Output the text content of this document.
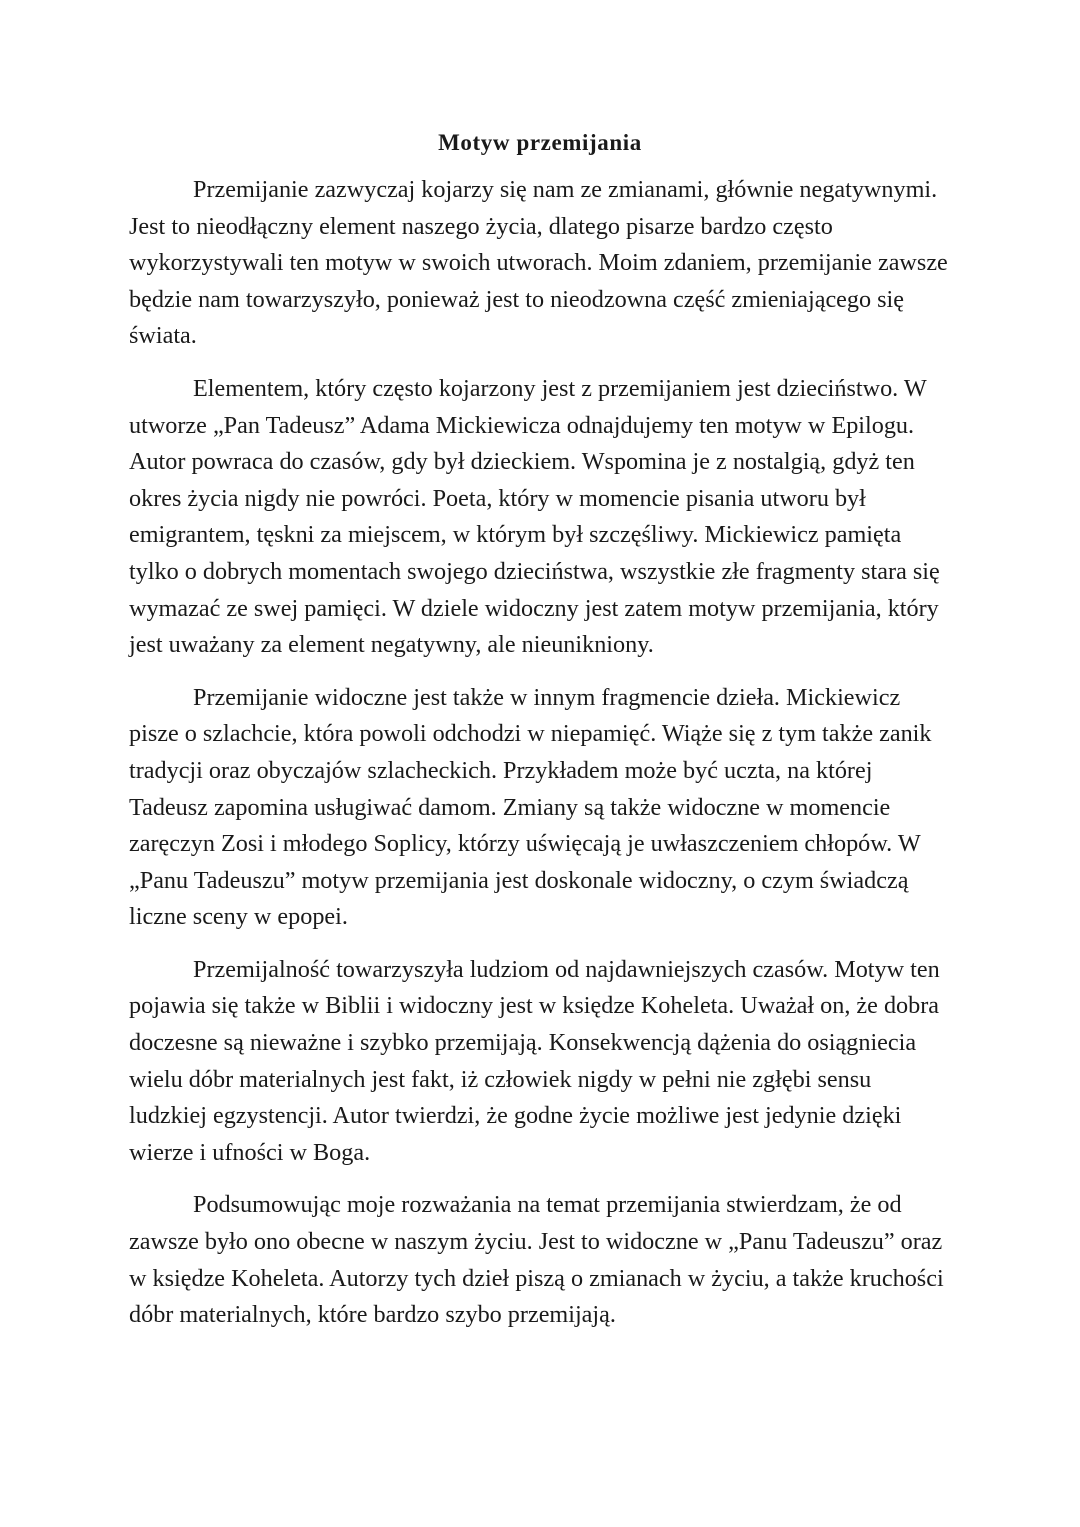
Motyw przemijania

Przemijanie zazwyczaj kojarzy się nam ze zmianami, głównie negatywnymi. Jest to nieodłączny element naszego życia, dlatego pisarze bardzo często wykorzystywali ten motyw w swoich utworach. Moim zdaniem, przemijanie zawsze będzie nam towarzyszyło, ponieważ jest to nieodzowna część zmieniającego się świata.

Elementem, który często kojarzony jest z przemijaniem jest dzieciństwo. W utworze „Pan Tadeusz” Adama Mickiewicza odnajdujemy ten motyw w Epilogu. Autor powraca do czasów, gdy był dzieckiem. Wspomina je z nostalgią, gdyż ten okres życia nigdy nie powróci. Poeta, który w momencie pisania utworu był emigrantem, tęskni za miejscem, w którym był szczęśliwy. Mickiewicz pamięta tylko o dobrych momentach swojego dzieciństwa, wszystkie złe fragmenty stara się wymazać ze swej pamięci. W dziele widoczny jest zatem motyw przemijania, który jest uważany za element negatywny, ale nieunikniony.

Przemijanie widoczne jest także w innym fragmencie dzieła. Mickiewicz pisze o szlachcie, która powoli odchodzi w niepamięć. Wiąże się z tym także zanik tradycji oraz obyczajów szlacheckich. Przykładem może być uczta, na której Tadeusz zapomina usługiwać damom. Zmiany są także widoczne w momencie zaręczyn Zosi i młodego Soplicy, którzy uświęcają je uwłaszczeniem chłopów. W „Panu Tadeuszu” motyw przemijania jest doskonale widoczny, o czym świadczą liczne sceny w epopei.

Przemijalność towarzyszyła ludziom od najdawniejszych czasów. Motyw ten pojawia się także w Biblii i widoczny jest w księdze Koheleta. Uważał on, że dobra doczesne są nieważne i szybko przemijają. Konsekwencją dążenia do osiągniecia wielu dóbr materialnych jest fakt, iż człowiek nigdy w pełni nie zgłębi sensu ludzkiej egzystencji. Autor twierdzi, że godne życie możliwe jest jedynie dzięki wierze i ufności w Boga.

Podsumowując moje rozważania na temat przemijania stwierdzam, że od zawsze było ono obecne w naszym życiu. Jest to widoczne w „Panu Tadeuszu” oraz w księdze Koheleta. Autorzy tych dzieł piszą o zmianach w życiu, a także kruchości dóbr materialnych, które bardzo szybo przemijają.
